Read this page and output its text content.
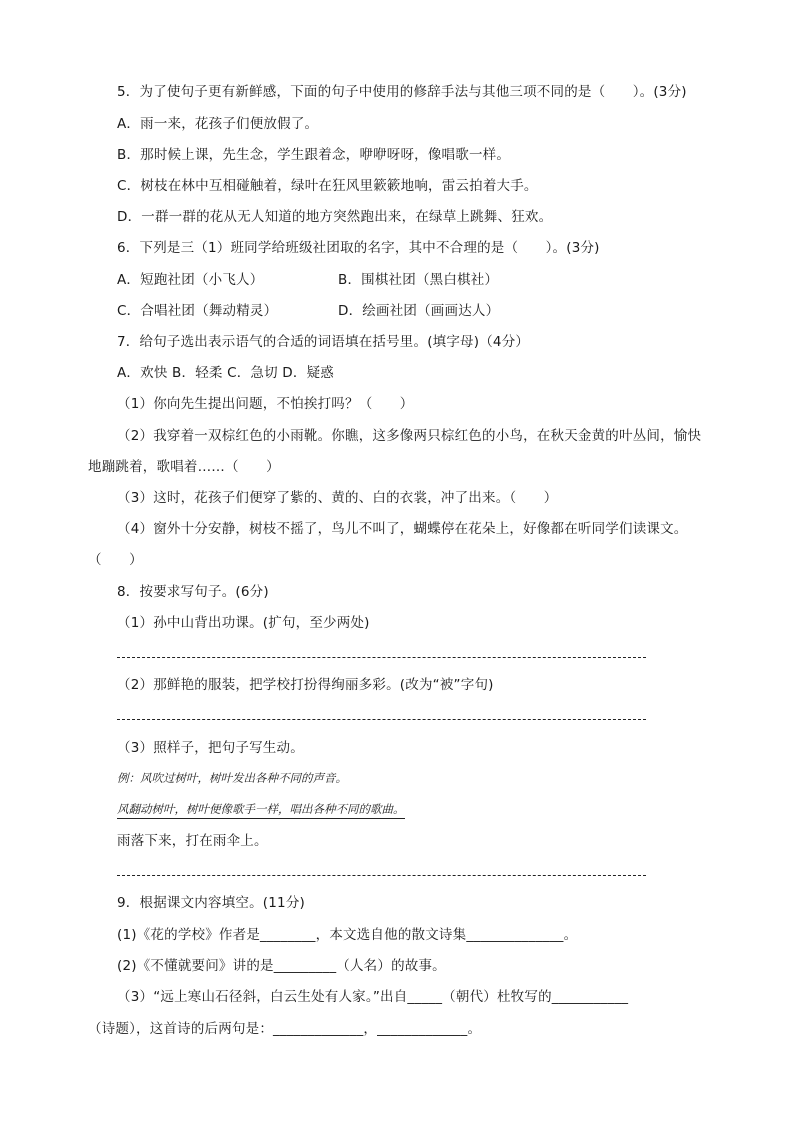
5．为了使句子更有新鲜感，下面的句子中使用的修辞手法与其他三项不同的是（　　）。(3分)
A．雨一来，花孩子们便放假了。
B．那时候上课，先生念，学生跟着念，咿咿呀呀，像唱歌一样。
C．树枝在林中互相碰触着，绿叶在狂风里簌簌地响，雷云拍着大手。
D．一群一群的花从无人知道的地方突然跑出来，在绿草上跳舞、狂欢。
6．下列是三（1）班同学给班级社团取的名字，其中不合理的是（　　）。(3分)
A．短跑社团（小飞人）	B．围棋社团（黑白棋社）
C．合唱社团（舞动精灵）	D．绘画社团（画画达人）
7．给句子选出表示语气的合适的词语填在括号里。(填字母)（4分）
A．欢快 B．轻柔 C．急切 D．疑惑
（1）你向先生提出问题，不怕挨打吗？（　　）
（2）我穿着一双棕红色的小雨靴。你瞧，这多像两只棕红色的小鸟，在秋天金黄的叶丛间，愉快
地蹦跳着，歌唱着……（　　）
（3）这时，花孩子们便穿了紫的、黄的、白的衣裳，冲了出来。（　　）
（4）窗外十分安静，树枝不摇了，鸟儿不叫了，蝴蝶停在花朵上，好像都在听同学们读课文。
（　　）
8．按要求写句子。(6分)
（1）孙中山背出功课。(扩句，至少两处)
（2）那鲜艳的服装，把学校打扮得绚丽多彩。(改为“被”字句)
（3）照样子，把句子写生动。
例：风吹过树叶，树叶发出各种不同的声音。
风翻动树叶，树叶便像歌手一样，唱出各种不同的歌曲。
雨落下来，打在雨伞上。
9．根据课文内容填空。(11分)
(1)《花的学校》作者是________，本文选自他的散文诗集______________。
(2)《不懂就要问》讲的是_________（人名）的故事。
（3）“远上寒山石径斜，白云生处有人家。”出自_____（朝代）杜牧写的___________
（诗题），这首诗的后两句是：_____________，_____________。
